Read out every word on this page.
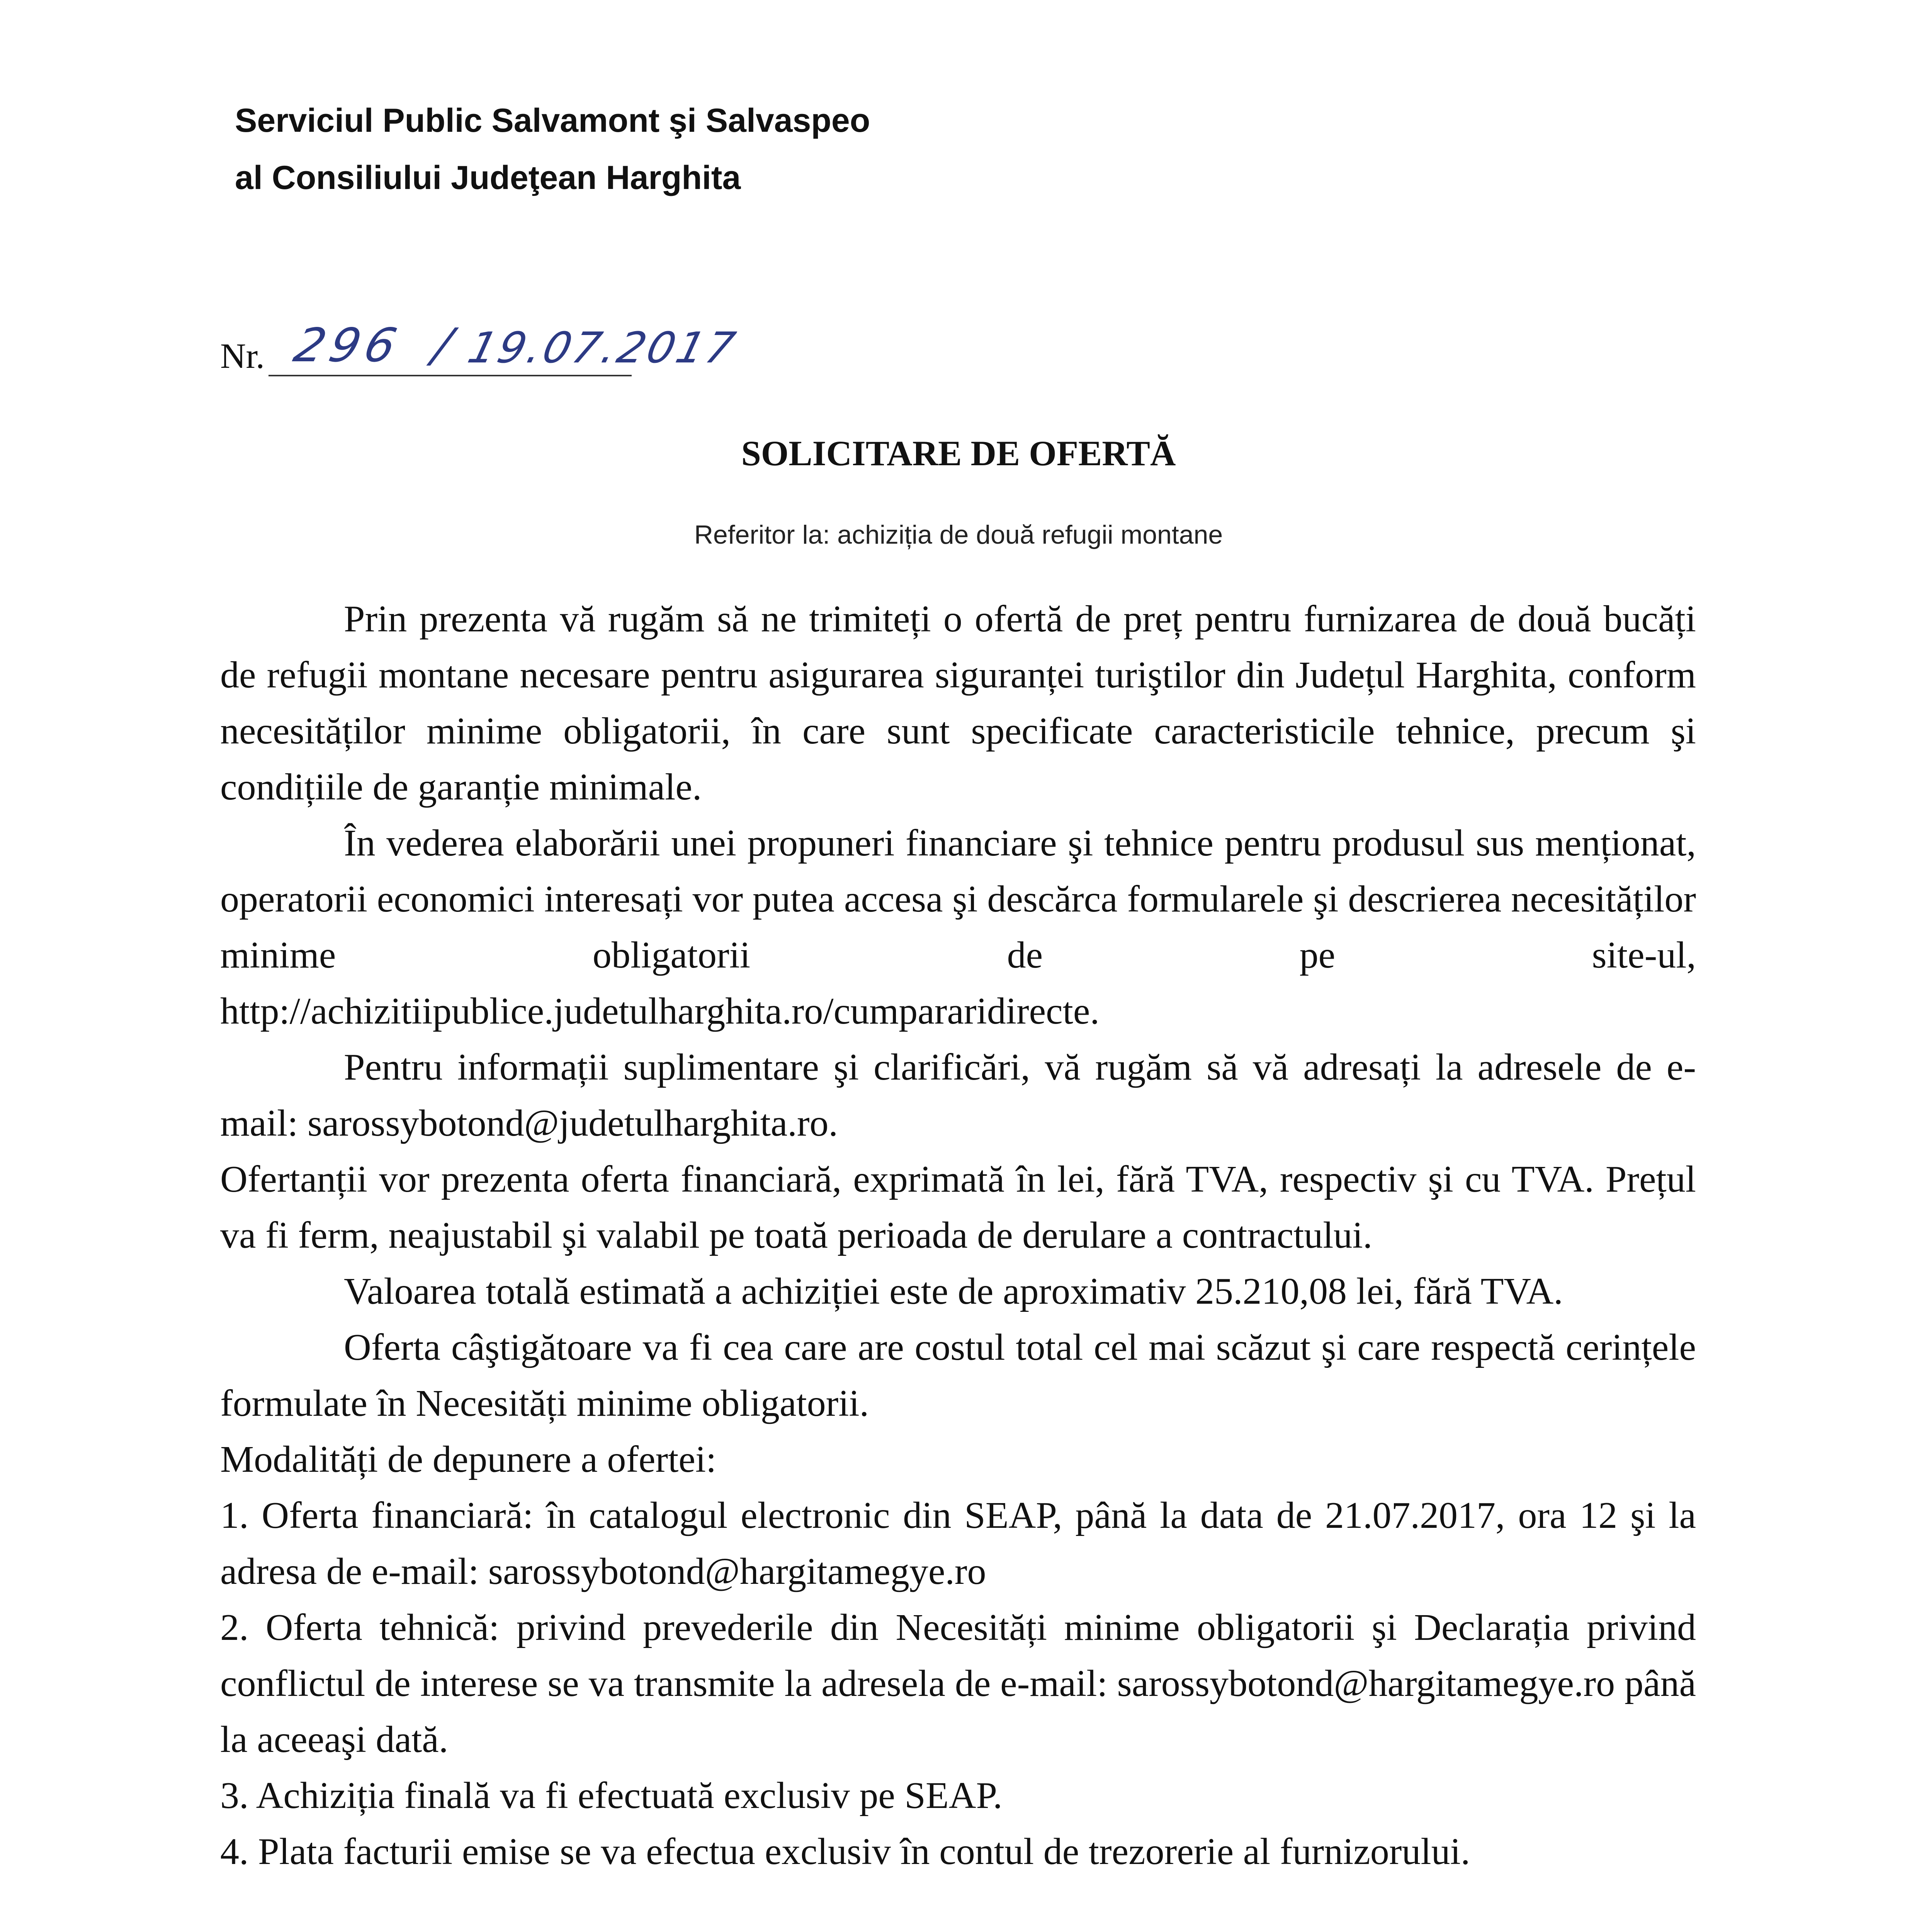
Serviciul Public Salvamont şi Salvaspeo
al Consiliului Judeţean Harghita
Nr. 296 / 19.07.2017
SOLICITARE DE OFERTĂ
Referitor la: achiziția de două refugii montane

Prin prezenta vă rugăm să ne trimiteți o ofertă de preț pentru furnizarea de două bucăți de refugii montane necesare pentru asigurarea siguranței turiştilor din Județul Harghita, conform necesităților minime obligatorii, în care sunt specificate caracteristicile tehnice, precum şi condițiile de garanție minimale.

În vederea elaborării unei propuneri financiare şi tehnice pentru produsul sus menționat, operatorii economici interesați vor putea accesa şi descărca formularele şi descrierea necesităților minime obligatorii de pe site-ul,

http://achizitiipublice.judetulharghita.ro/cumpararidirecte.

Pentru informații suplimentare şi clarificări, vă rugăm să vă adresați la adresele de e-mail: sarossybotond@judetulharghita.ro.

Ofertanții vor prezenta oferta financiară, exprimată în lei, fără TVA, respectiv şi cu TVA. Prețul va fi ferm, neajustabil şi valabil pe toată perioada de derulare a contractului.

Valoarea totală estimată a achiziției este de aproximativ 25.210,08 lei, fără TVA.

Oferta câştigătoare va fi cea care are costul total cel mai scăzut şi care respectă cerințele formulate în Necesități minime obligatorii.

Modalități de depunere a ofertei:

1. Oferta financiară: în catalogul electronic din SEAP, până la data de 21.07.2017, ora 12 şi la adresa de e-mail: sarossybotond@hargitamegye.ro

2. Oferta tehnică: privind prevederile din Necesități minime obligatorii şi Declarația privind conflictul de interese se va transmite la adresela de e-mail: sarossybotond@hargitamegye.ro până la aceeaşi dată.

3. Achiziția finală va fi efectuată exclusiv pe SEAP.

4. Plata facturii emise se va efectua exclusiv în contul de trezorerie al furnizorului.
